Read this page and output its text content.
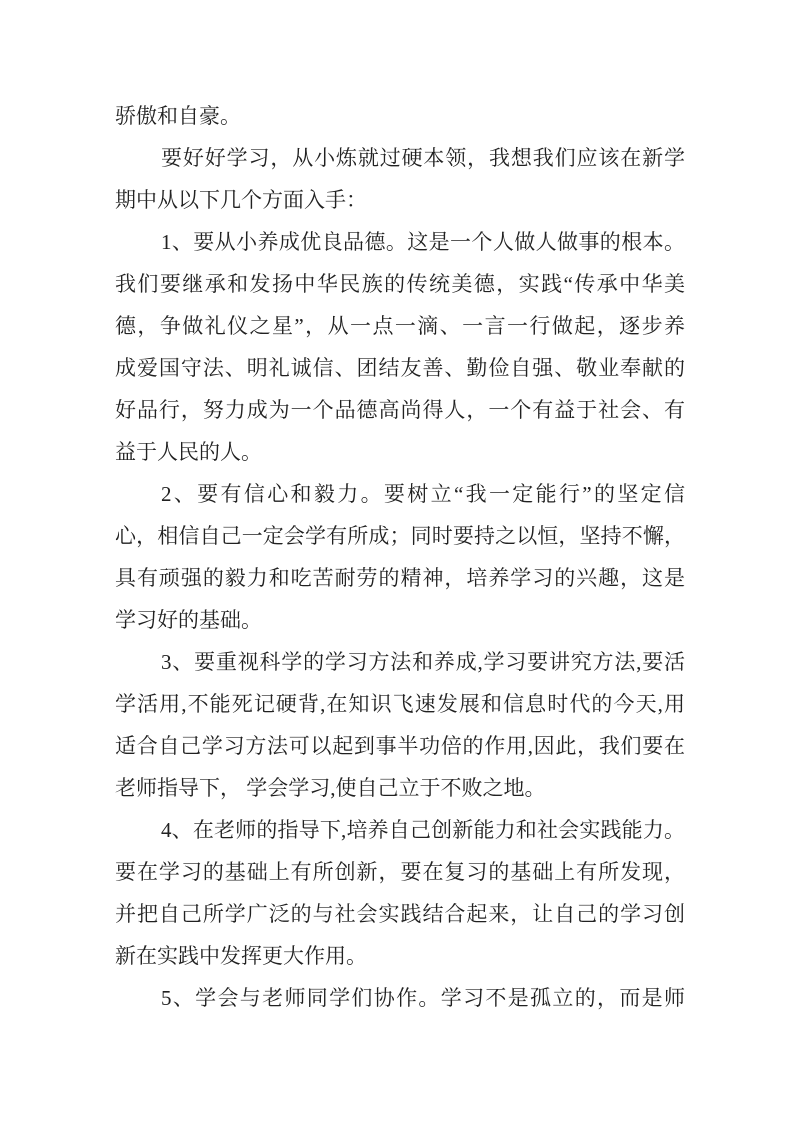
骄傲和自豪。
要好好学习，从小炼就过硬本领，我想我们应该在新学
期中从以下几个方面入手：
1、要从小养成优良品德。这是一个人做人做事的根本。
我们要继承和发扬中华民族的传统美德，实践“传承中华美
德，争做礼仪之星”，从一点一滴、一言一行做起，逐步养
成爱国守法、明礼诚信、团结友善、勤俭自强、敬业奉献的
好品行，努力成为一个品德高尚得人，一个有益于社会、有
益于人民的人。
2、要有信心和毅力。要树立“我一定能行”的坚定信
心，相信自己一定会学有所成；同时要持之以恒，坚持不懈，
具有顽强的毅力和吃苦耐劳的精神，培养学习的兴趣，这是
学习好的基础。
3、要重视科学的学习方法和养成,学习要讲究方法,要活
学活用,不能死记硬背,在知识飞速发展和信息时代的今天,用
适合自己学习方法可以起到事半功倍的作用,因此，我们要在
老师指导下， 学会学习,使自己立于不败之地。
4、在老师的指导下,培养自己创新能力和社会实践能力。
要在学习的基础上有所创新，要在复习的基础上有所发现，
并把自己所学广泛的与社会实践结合起来，让自己的学习创
新在实践中发挥更大作用。
5、学会与老师同学们协作。学习不是孤立的，而是师
